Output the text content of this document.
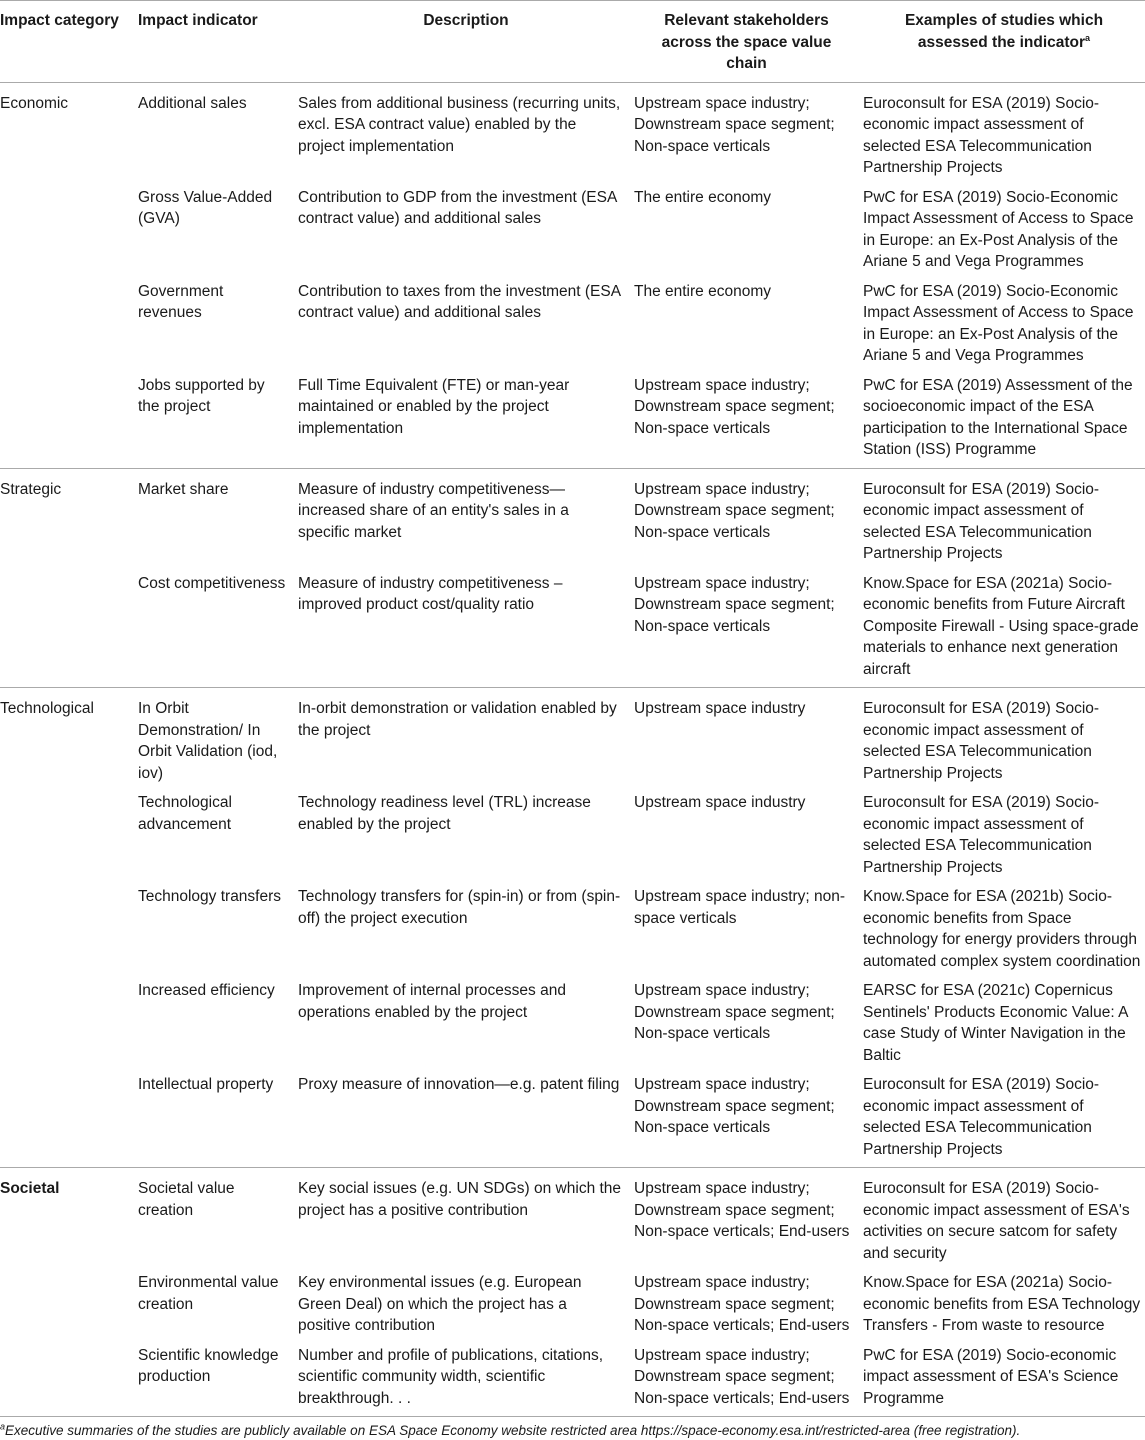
Impact category	Impact indicator	Description	Relevant stakeholders across the space value chain	Examples of studies which assessed the indicator$^a$
Economic	Additional sales	Sales from additional business (recurring units, excl. ESA contract value) enabled by the project implementation	Upstream space industry; Downstream space segment; Non-space verticals	Euroconsult for ESA (2019) Socio-economic impact assessment of selected ESA Telecommunication Partnership Projects
	Gross Value-Added (GVA)	Contribution to GDP from the investment (ESA contract value) and additional sales	The entire economy	PwC for ESA (2019) Socio-Economic Impact Assessment of Access to Space in Europe: an Ex-Post Analysis of the Ariane 5 and Vega Programmes
	Government revenues	Contribution to taxes from the investment (ESA contract value) and additional sales	The entire economy	PwC for ESA (2019) Socio-Economic Impact Assessment of Access to Space in Europe: an Ex-Post Analysis of the Ariane 5 and Vega Programmes
	Jobs supported by the project	Full Time Equivalent (FTE) or man-year maintained or enabled by the project implementation	Upstream space industry; Downstream space segment; Non-space verticals	PwC for ESA (2019) Assessment of the socioeconomic impact of the ESA participation to the International Space Station (ISS) Programme
Strategic	Market share	Measure of industry competitiveness—increased share of an entity's sales in a specific market	Upstream space industry; Downstream space segment; Non-space verticals	Euroconsult for ESA (2019) Socio-economic impact assessment of selected ESA Telecommunication Partnership Projects
	Cost competitiveness	Measure of industry competitiveness –improved product cost/quality ratio	Upstream space industry; Downstream space segment; Non-space verticals	Know.Space for ESA (2021a) Socio-economic benefits from Future Aircraft Composite Firewall - Using space-grade materials to enhance next generation aircraft
Technological	In Orbit Demonstration/ In Orbit Validation (iod, iov)	In-orbit demonstration or validation enabled by the project	Upstream space industry	Euroconsult for ESA (2019) Socio-economic impact assessment of selected ESA Telecommunication Partnership Projects
	Technological advancement	Technology readiness level (TRL) increase enabled by the project	Upstream space industry	Euroconsult for ESA (2019) Socio-economic impact assessment of selected ESA Telecommunication Partnership Projects
	Technology transfers	Technology transfers for (spin-in) or from (spin-off) the project execution	Upstream space industry; non-space verticals	Know.Space for ESA (2021b) Socio-economic benefits from Space technology for energy providers through automated complex system coordination
	Increased efficiency	Improvement of internal processes and operations enabled by the project	Upstream space industry; Downstream space segment; Non-space verticals	EARSC for ESA (2021c) Copernicus Sentinels' Products Economic Value: A case Study of Winter Navigation in the Baltic
	Intellectual property	Proxy measure of innovation—e.g. patent filing	Upstream space industry; Downstream space segment; Non-space verticals	Euroconsult for ESA (2019) Socio-economic impact assessment of selected ESA Telecommunication Partnership Projects
Societal	Societal value creation	Key social issues (e.g. UN SDGs) on which the project has a positive contribution	Upstream space industry; Downstream space segment; Non-space verticals; End-users	Euroconsult for ESA (2019) Socio-economic impact assessment of ESA's activities on secure satcom for safety and security
	Environmental value creation	Key environmental issues (e.g. European Green Deal) on which the project has a positive contribution	Upstream space industry; Downstream space segment; Non-space verticals; End-users	Know.Space for ESA (2021a) Socio-economic benefits from ESA Technology Transfers - From waste to resource
	Scientific knowledge production	Number and profile of publications, citations, scientific community width, scientific breakthrough. . .	Upstream space industry; Downstream space segment; Non-space verticals; End-users	PwC for ESA (2019) Socio-economic impact assessment of ESA's Science Programme
$^a$Executive summaries of the studies are publicly available on ESA Space Economy website restricted area https://space-economy.esa.int/restricted-area (free registration).				
